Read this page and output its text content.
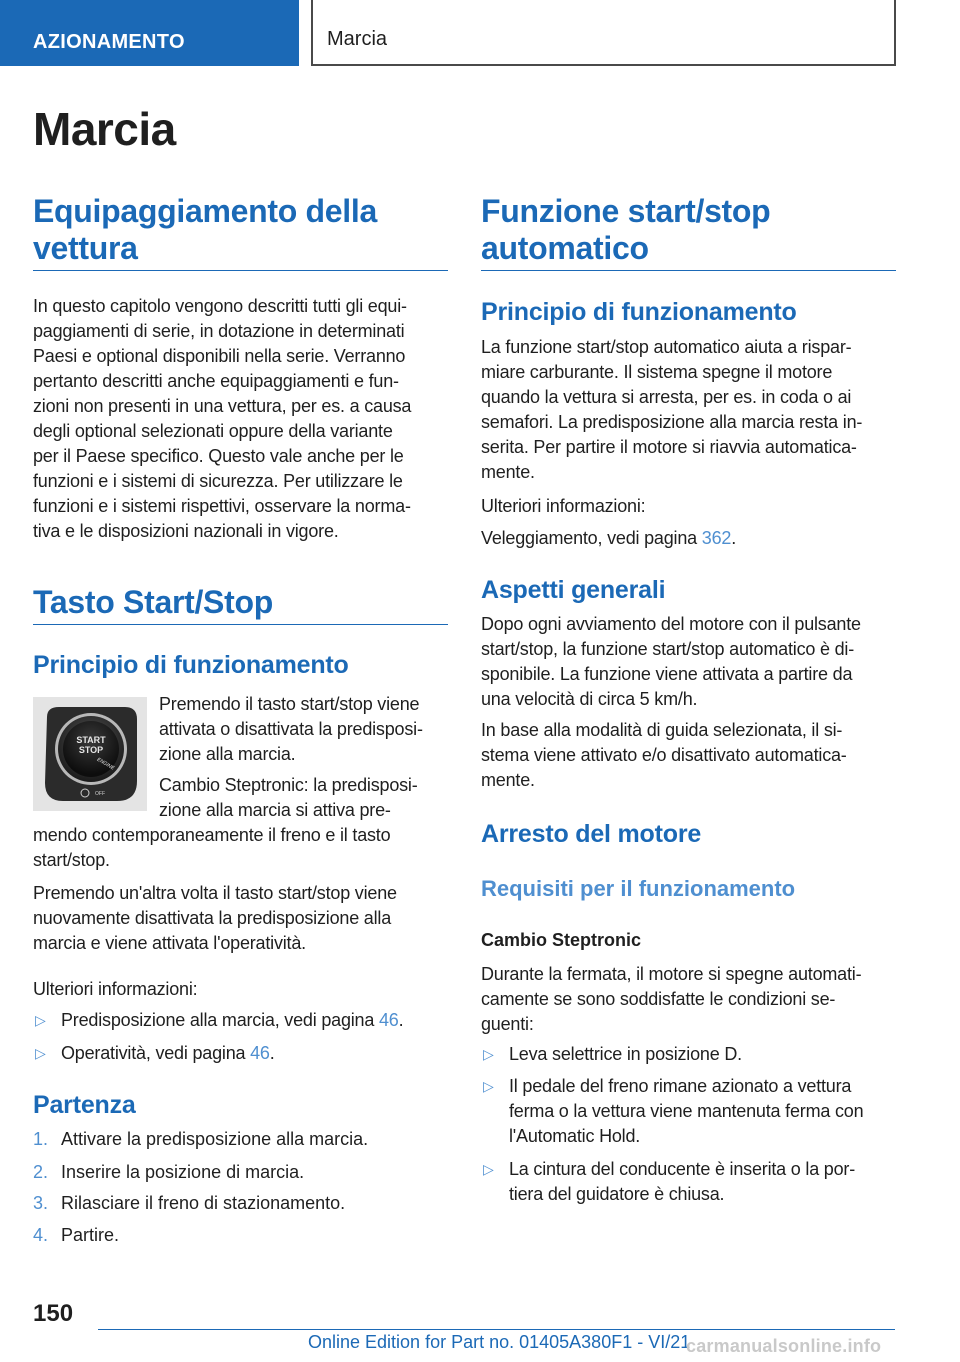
AZIONAMENTO	Marcia
Marcia
Equipaggiamento della
vettura
In questo capitolo vengono descritti tutti gli equi-
paggiamenti di serie, in dotazione in determinati
Paesi e optional disponibili nella serie. Verranno
pertanto descritti anche equipaggiamenti e fun-
zioni non presenti in una vettura, per es. a causa
degli optional selezionati oppure della variante
per il Paese specifico. Questo vale anche per le
funzioni e i sistemi di sicurezza. Per utilizzare le
funzioni e i sistemi rispettivi, osservare la norma-
tiva e le disposizioni nazionali in vigore.
Tasto Start/Stop
Principio di funzionamento
START
STOP
ENGINE
OFF
Premendo il tasto start/stop viene
attivata o disattivata la predisposi-
zione alla marcia.
Cambio Steptronic: la predisposi-
zione alla marcia si attiva pre-
mendo contemporaneamente il freno e il tasto
start/stop.
Premendo un'altra volta il tasto start/stop viene
nuovamente disattivata la predisposizione alla
marcia e viene attivata l'operatività.
Ulteriori informazioni:
▷ Predisposizione alla marcia, vedi pagina 46.
▷ Operatività, vedi pagina 46.
Partenza
1. Attivare la predisposizione alla marcia.
2. Inserire la posizione di marcia.
3. Rilasciare il freno di stazionamento.
4. Partire.
Funzione start/stop
automatico
Principio di funzionamento
La funzione start/stop automatico aiuta a rispar-
miare carburante. Il sistema spegne il motore
quando la vettura si arresta, per es. in coda o ai
semafori. La predisposizione alla marcia resta in-
serita. Per partire il motore si riavvia automatica-
mente.
Ulteriori informazioni:
Veleggiamento, vedi pagina 362.
Aspetti generali
Dopo ogni avviamento del motore con il pulsante
start/stop, la funzione start/stop automatico è di-
sponibile. La funzione viene attivata a partire da
una velocità di circa 5 km/h.
In base alla modalità di guida selezionata, il si-
stema viene attivato e/o disattivato automatica-
mente.
Arresto del motore
Requisiti per il funzionamento
Cambio Steptronic
Durante la fermata, il motore si spegne automati-
camente se sono soddisfatte le condizioni se-
guenti:
▷ Leva selettrice in posizione D.
▷ Il pedale del freno rimane azionato a vettura
ferma o la vettura viene mantenuta ferma con
l'Automatic Hold.
▷ La cintura del conducente è inserita o la por-
tiera del guidatore è chiusa.
150
Online Edition for Part no. 01405A380F1 - VI/21
carmanualsonline.info
